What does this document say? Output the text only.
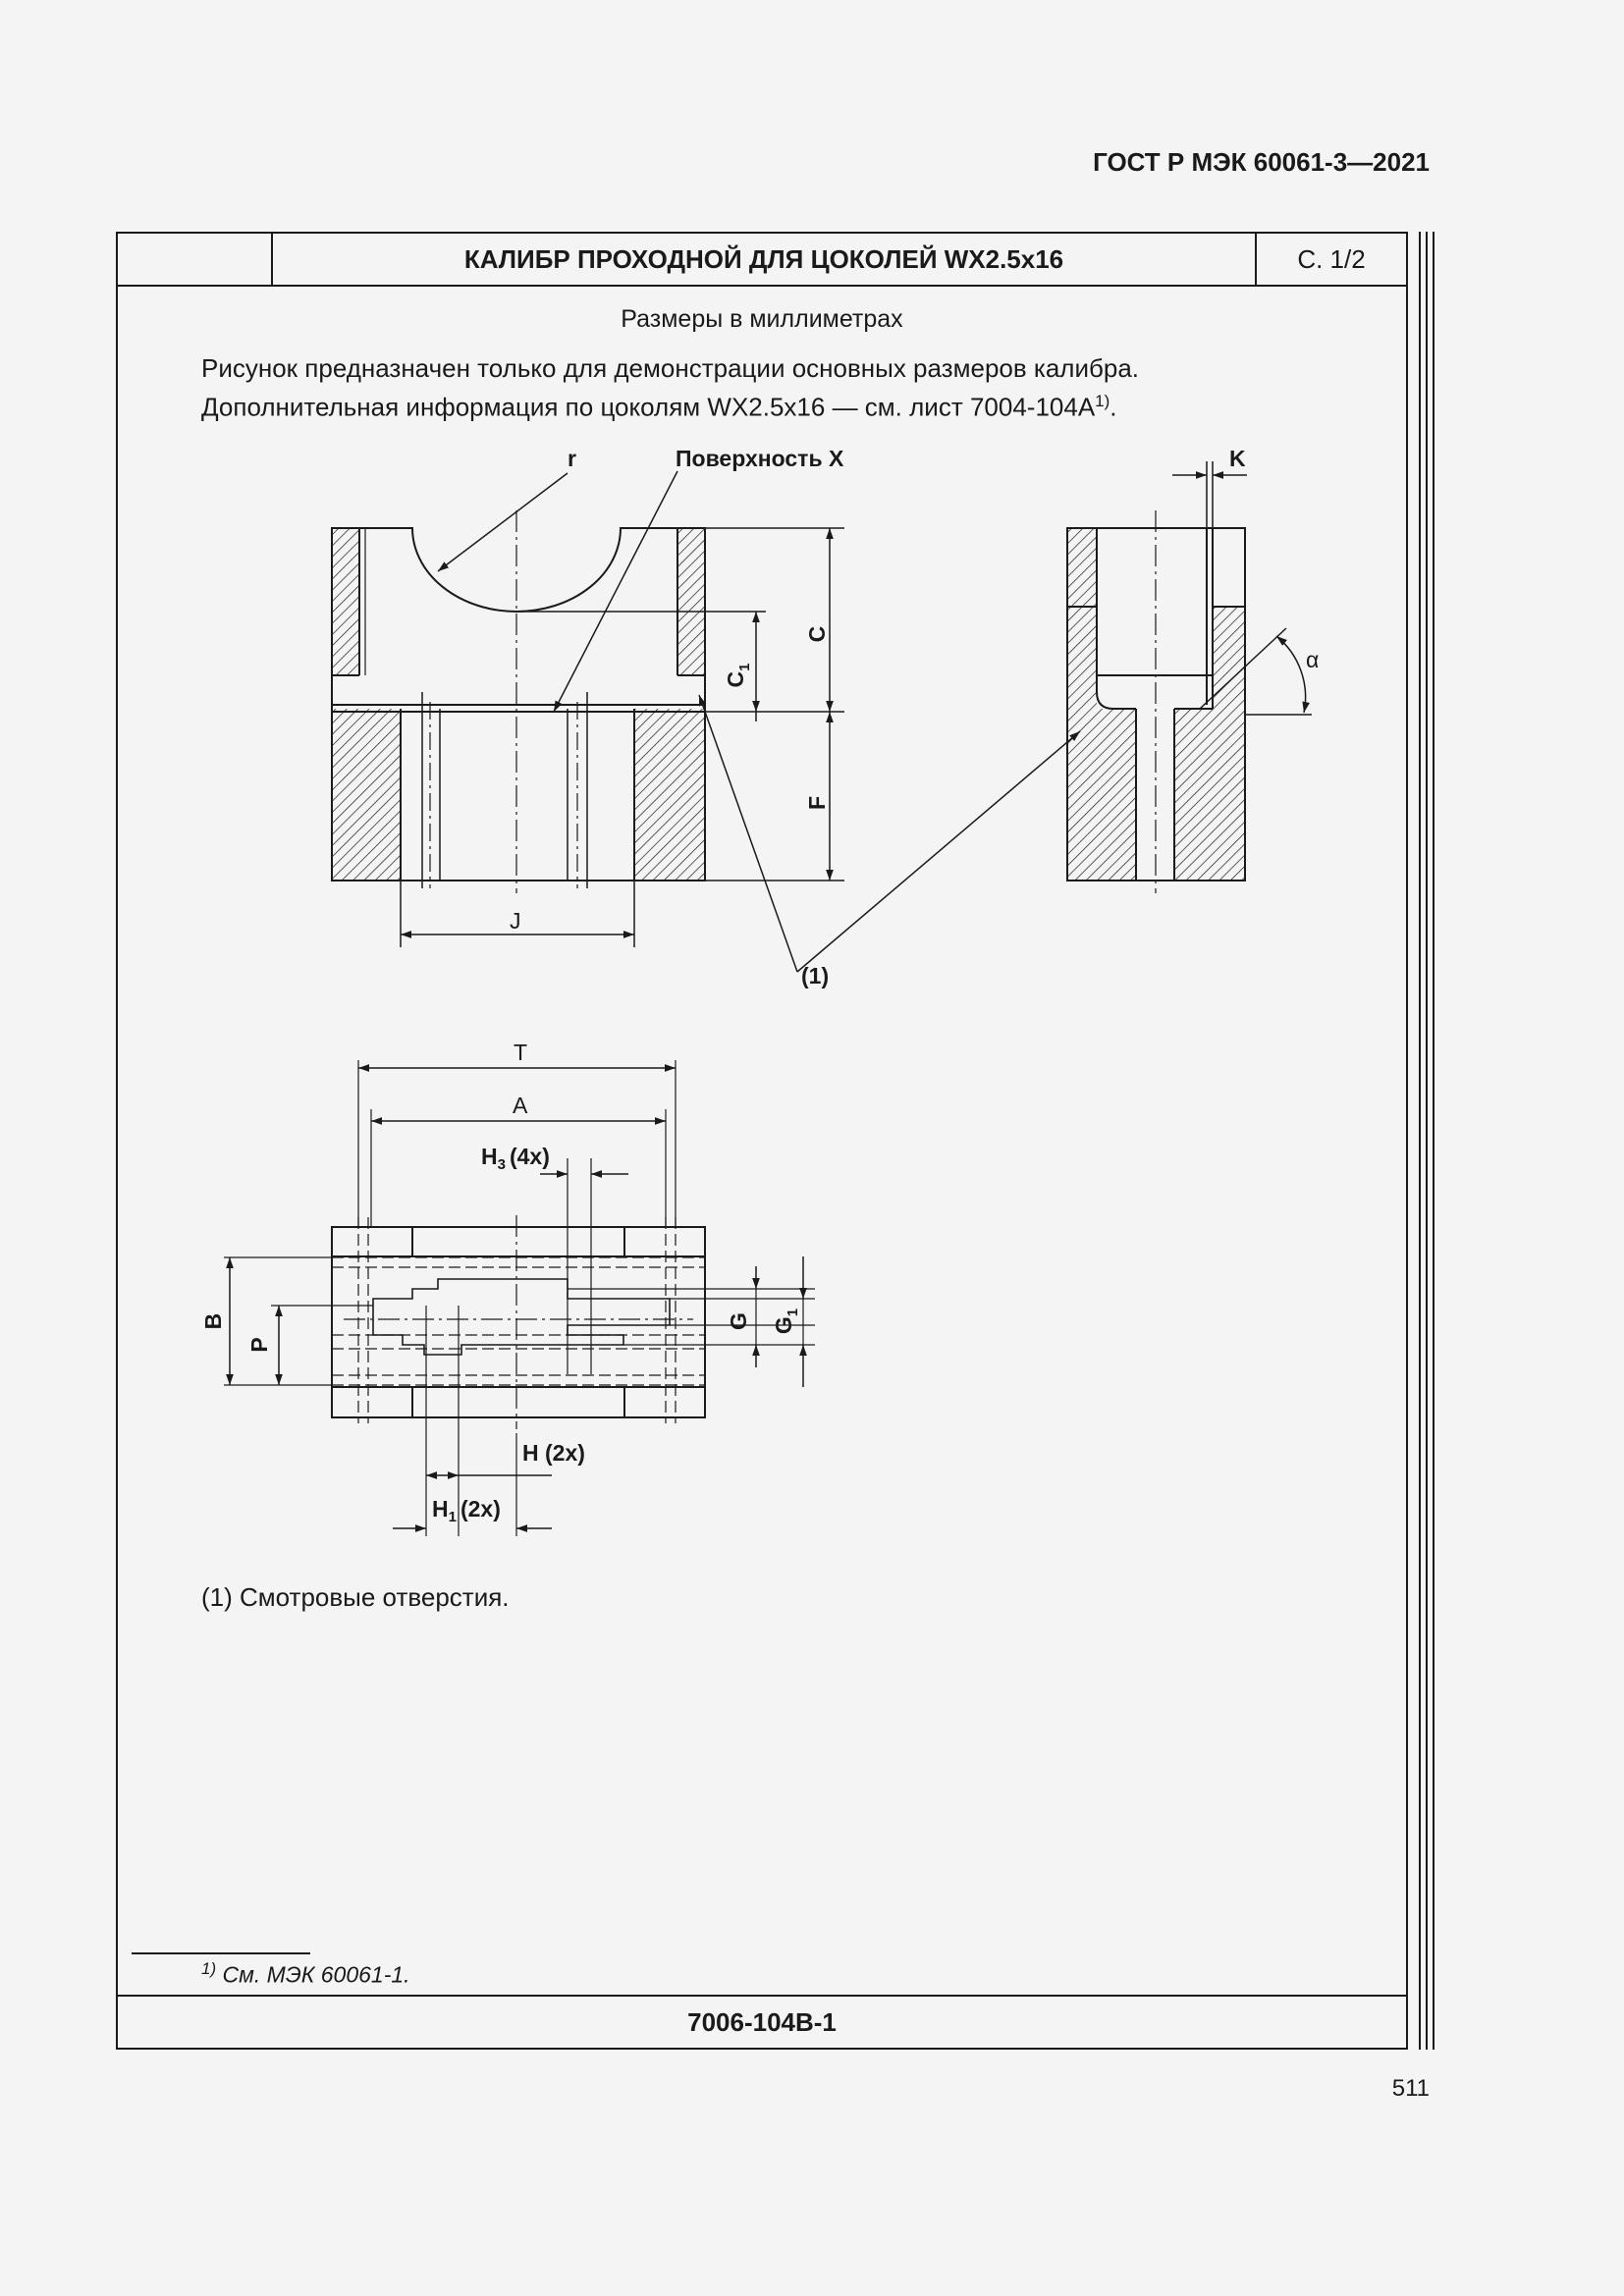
ГОСТ Р МЭК 60061-3—2021
КАЛИБР ПРОХОДНОЙ ДЛЯ ЦОКОЛЕЙ WX2.5x16	С. 1/2
Размеры в миллиметрах
Рисунок предназначен только для демонстрации основных размеров калибра.
Дополнительная информация по цоколям WX2.5x16 — см. лист $7004-104A^{1)}$.
(1) Смотровые отверстия.
$^{1)}$ См. МЭК 60061-1.
7006-104B-1
511
r	Поверхность X	K
α
(1)
J
C
$C_1$
F
T
A
$H_3$ (4x)
B
P
G $G_1$
H (2x)
$H_1$ (2x)
